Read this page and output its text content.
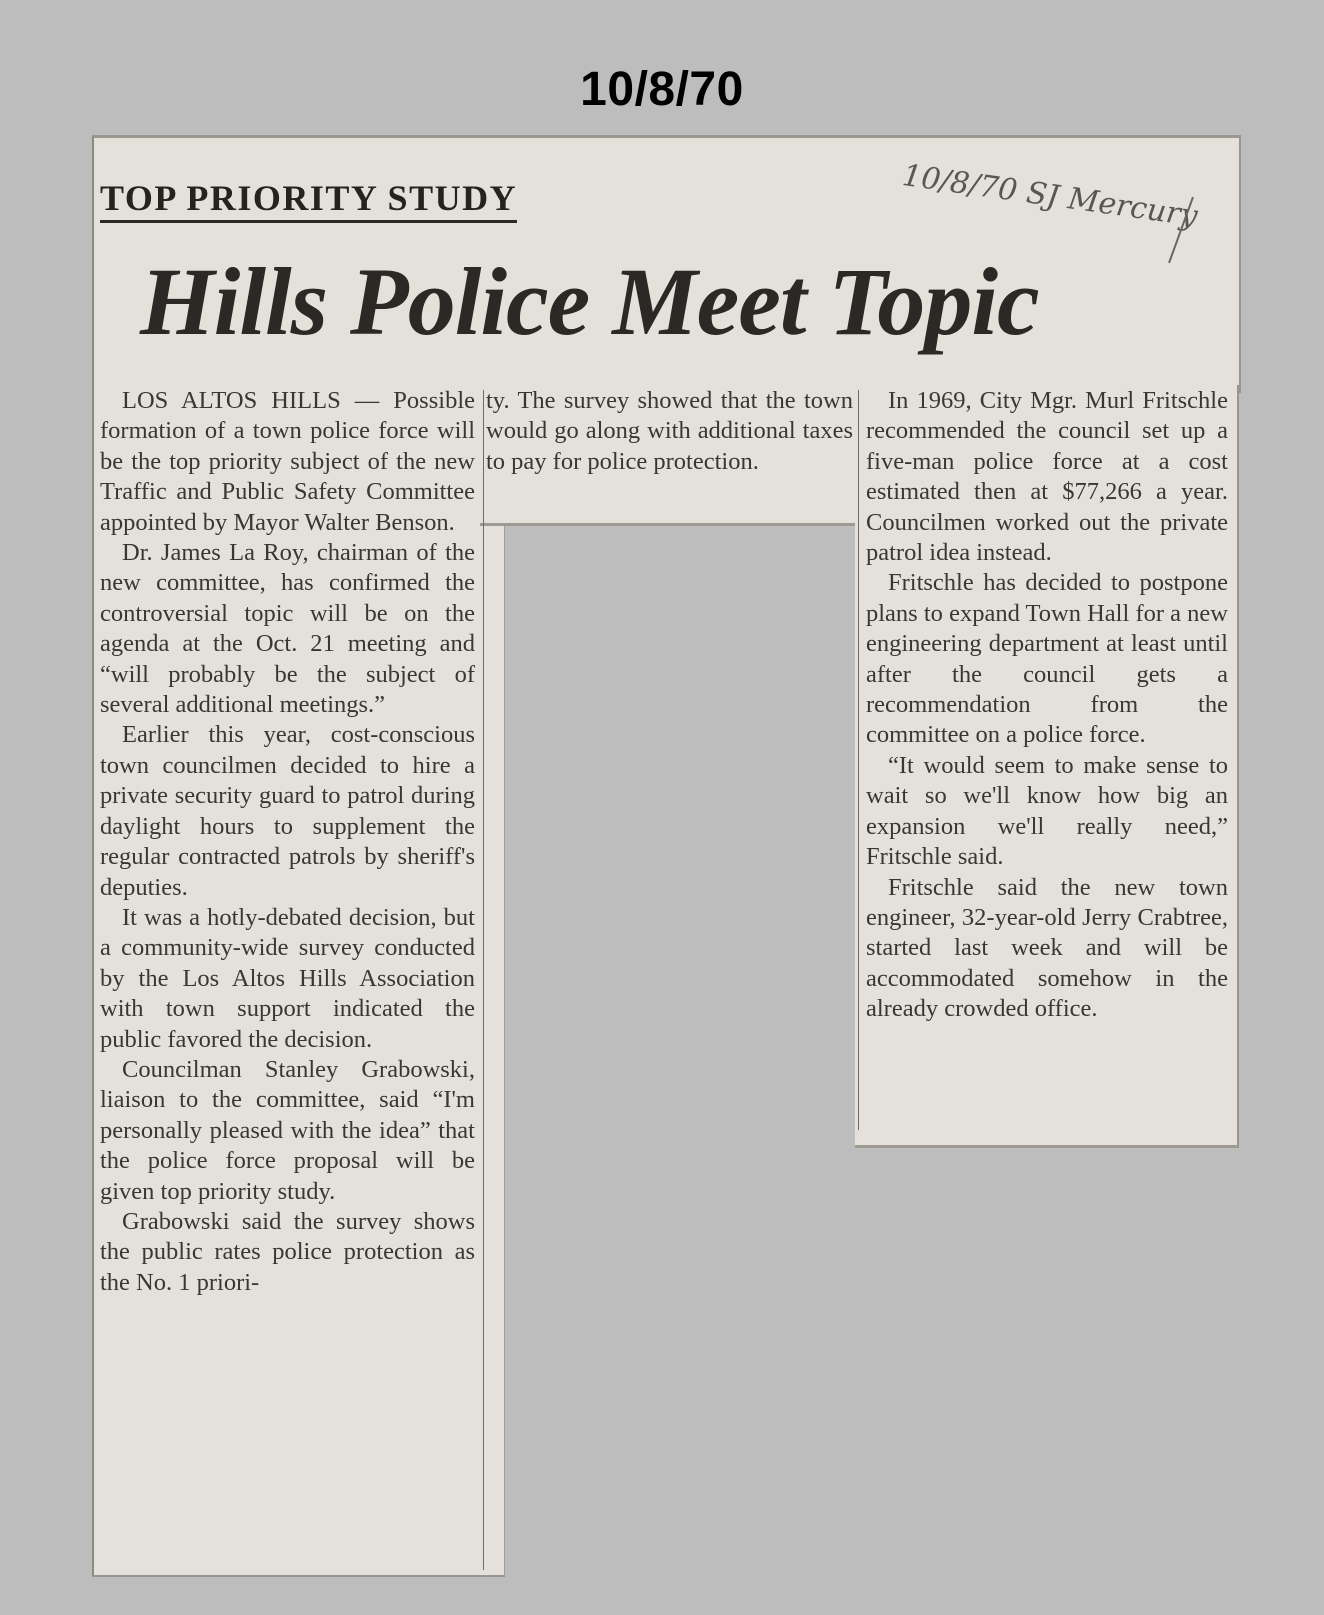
10/8/70
TOP PRIORITY STUDY
Hills Police Meet Topic
10/8/70 SJ Mercury

LOS ALTOS HILLS — Possible formation of a town police force will be the top priority subject of the new Traffic and Public Safety Committee appointed by Mayor Walter Benson.

Dr. James La Roy, chairman of the new committee, has confirmed the controversial topic will be on the agenda at the Oct. 21 meeting and “will probably be the subject of several additional meetings.”

Earlier this year, cost-conscious town councilmen decided to hire a private security guard to patrol during daylight hours to supplement the regular contracted patrols by sheriff's deputies.

It was a hotly-debated decision, but a community-wide survey conducted by the Los Altos Hills Association with town support indicated the public favored the decision.

Councilman Stanley Grabowski, liaison to the committee, said “I'm personally pleased with the idea” that the police force proposal will be given top priority study.

Grabowski said the survey shows the public rates police protection as the No. 1 priori-

ty. The survey showed that the town would go along with additional taxes to pay for police protection.

In 1969, City Mgr. Murl Fritschle recommended the council set up a five-man police force at a cost estimated then at $77,266 a year. Councilmen worked out the private patrol idea instead.

Fritschle has decided to postpone plans to expand Town Hall for a new engineering department at least until after the council gets a recommendation from the committee on a police force.

“It would seem to make sense to wait so we'll know how big an expansion we'll really need,” Fritschle said.

Fritschle said the new town engineer, 32-year-old Jerry Crabtree, started last week and will be accommodated somehow in the already crowded office.
